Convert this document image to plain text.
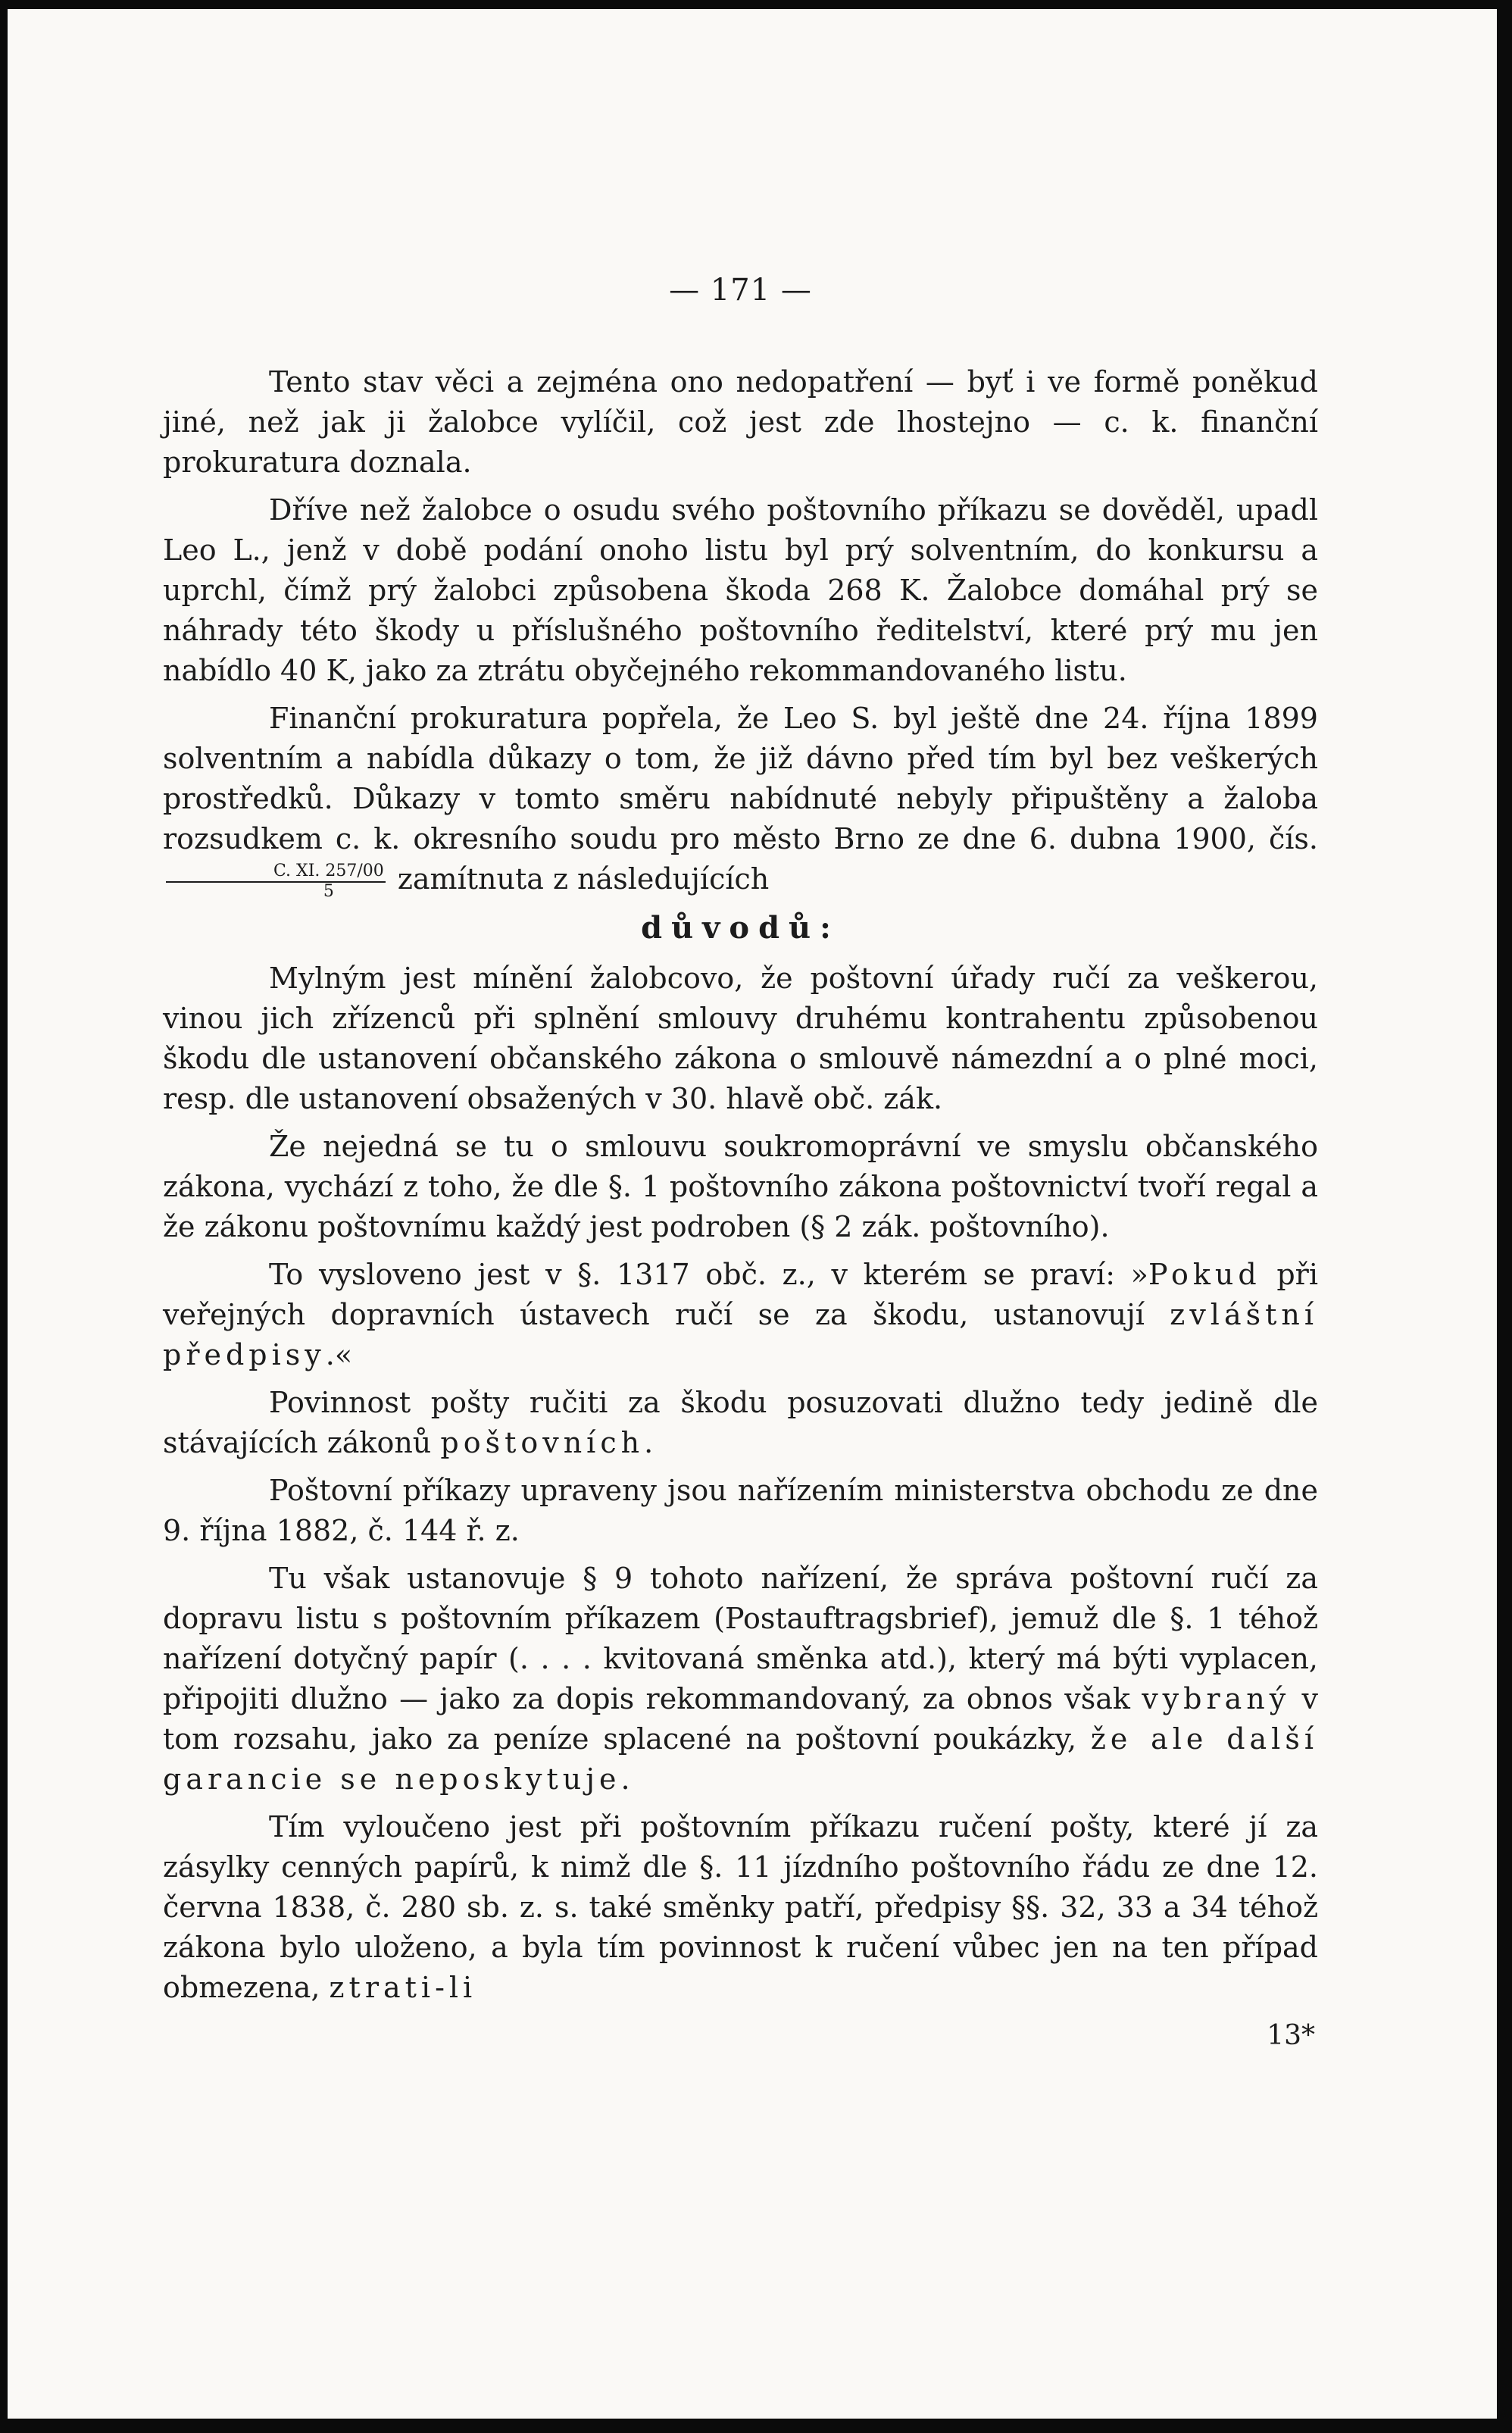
— 171 —

Tento stav věci a zejména ono nedopatření — byť i ve formě poněkud jiné, než jak ji žalobce vylíčil, což jest zde lhostejno — c. k. finanční prokuratura doznala.

Dříve než žalobce o osudu svého poštovního příkazu se dověděl, upadl Leo L., jenž v době podání onoho listu byl prý solventním, do konkursu a uprchl, čímž prý žalobci způsobena škoda 268 K. Žalobce domáhal prý se náhrady této škody u příslušného poštovního ředitelství, které prý mu jen nabídlo 40 K, jako za ztrátu obyčejného rekommandovaného listu.

Finanční prokuratura popřela, že Leo S. byl ještě dne 24. října 1899 solventním a nabídla důkazy o tom, že již dávno před tím byl bez veškerých prostředků. Důkazy v tomto směru nabídnuté nebyly připuštěny a žaloba rozsudkem c. k. okresního soudu pro město Brno ze dne 6. dubna 1900, čís.
$\frac{C. XI. 257/00}{5}$ zamítnuta z následujících

důvodů:

Mylným jest mínění žalobcovo, že poštovní úřady ručí za veškerou, vinou jich zřízenců při splnění smlouvy druhému kontrahentu způsobenou škodu dle ustanovení občanského zákona o smlouvě námezdní a o plné moci, resp. dle ustanovení obsažených v 30. hlavě obč. zák.

Že nejedná se tu o smlouvu soukromoprávní ve smyslu občanského zákona, vychází z toho, že dle §. 1 poštovního zákona poštovnictví tvoří regal a že zákonu poštovnímu každý jest podroben (§ 2 zák. poštovního).

To vysloveno jest v §. 1317 obč. z., v kterém se praví: »Pokud při veřejných dopravních ústavech ručí se za škodu, ustanovují zvláštní předpisy.«

Povinnost pošty ručiti za škodu posuzovati dlužno tedy jedině dle stávajících zákonů poštovních.

Poštovní příkazy upraveny jsou nařízením ministerstva obchodu ze dne 9. října 1882, č. 144 ř. z.

Tu však ustanovuje § 9 tohoto nařízení, že správa poštovní ručí za dopravu listu s poštovním příkazem (Postauftragsbrief), jemuž dle §. 1 téhož nařízení dotyčný papír (. . . . kvitovaná směnka atd.), který má býti vyplacen, připojiti dlužno — jako za dopis rekommandovaný, za obnos však vybraný v tom rozsahu, jako za peníze splacené na poštovní poukázky, že ale další garancie se neposkytuje.

Tím vyloučeno jest při poštovním příkazu ručení pošty, které jí za zásylky cenných papírů, k nimž dle §. 11 jízdního poštovního řádu ze dne 12. června 1838, č. 280 sb. z. s. také směnky patří, předpisy §§. 32, 33 a 34 téhož zákona bylo uloženo, a byla tím povinnost k ručení vůbec jen na ten případ obmezena, ztrati-li

13*
